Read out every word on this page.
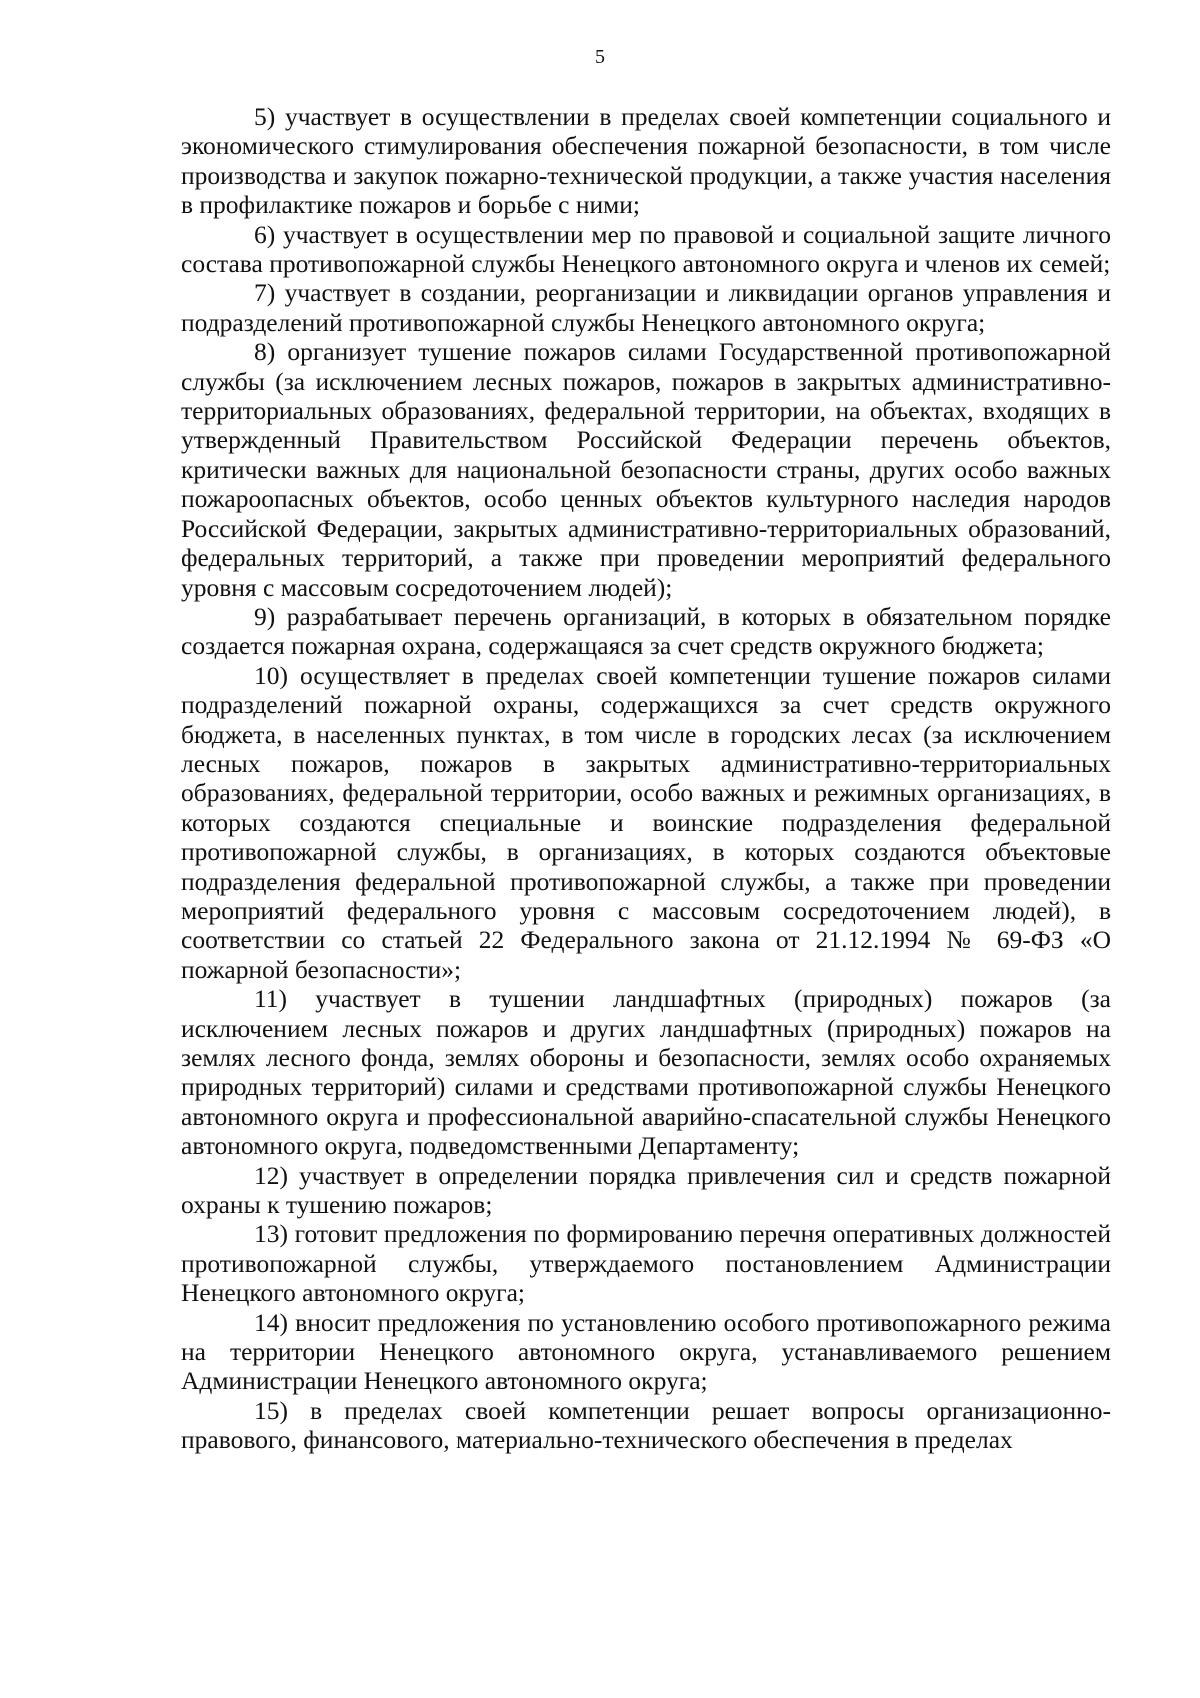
5

5) участвует в осуществлении в пределах своей компетенции социального и экономического стимулирования обеспечения пожарной безопасности, в том числе производства и закупок пожарно-технической продукции, а также участия населения в профилактике пожаров и борьбе с ними;

6) участвует в осуществлении мер по правовой и социальной защите личного состава противопожарной службы Ненецкого автономного округа и членов их семей;

7) участвует в создании, реорганизации и ликвидации органов управления и подразделений противопожарной службы Ненецкого автономного округа;

8) организует тушение пожаров силами Государственной противопожарной службы (за исключением лесных пожаров, пожаров в закрытых административно-территориальных образованиях, федеральной территории, на объектах, входящих в утвержденный Правительством Российской Федерации перечень объектов, критически важных для национальной безопасности страны, других особо важных пожароопасных объектов, особо ценных объектов культурного наследия народов Российской Федерации, закрытых административно-территориальных образований, федеральных территорий, а также при проведении мероприятий федерального уровня с массовым сосредоточением людей);

9) разрабатывает перечень организаций, в которых в обязательном порядке создается пожарная охрана, содержащаяся за счет средств окружного бюджета;

10) осуществляет в пределах своей компетенции тушение пожаров силами подразделений пожарной охраны, содержащихся за счет средств окружного бюджета, в населенных пунктах, в том числе в городских лесах (за исключением лесных пожаров, пожаров в закрытых административно-территориальных образованиях, федеральной территории, особо важных и режимных организациях, в которых создаются специальные и воинские подразделения федеральной противопожарной службы, в организациях, в которых создаются объектовые подразделения федеральной противопожарной службы, а также при проведении мероприятий федерального уровня с массовым сосредоточением людей), в соответствии со статьей 22 Федерального закона от 21.12.1994 № 69-ФЗ «О пожарной безопасности»;

11) участвует в тушении ландшафтных (природных) пожаров (за исключением лесных пожаров и других ландшафтных (природных) пожаров на землях лесного фонда, землях обороны и безопасности, землях особо охраняемых природных территорий) силами и средствами противопожарной службы Ненецкого автономного округа и профессиональной аварийно-спасательной службы Ненецкого автономного округа, подведомственными Департаменту;

12) участвует в определении порядка привлечения сил и средств пожарной охраны к тушению пожаров;

13) готовит предложения по формированию перечня оперативных должностей противопожарной службы, утверждаемого постановлением Администрации Ненецкого автономного округа;

14) вносит предложения по установлению особого противопожарного режима на территории Ненецкого автономного округа, устанавливаемого решением Администрации Ненецкого автономного округа;

15) в пределах своей компетенции решает вопросы организационно-правового, финансового, материально-технического обеспечения в пределах
